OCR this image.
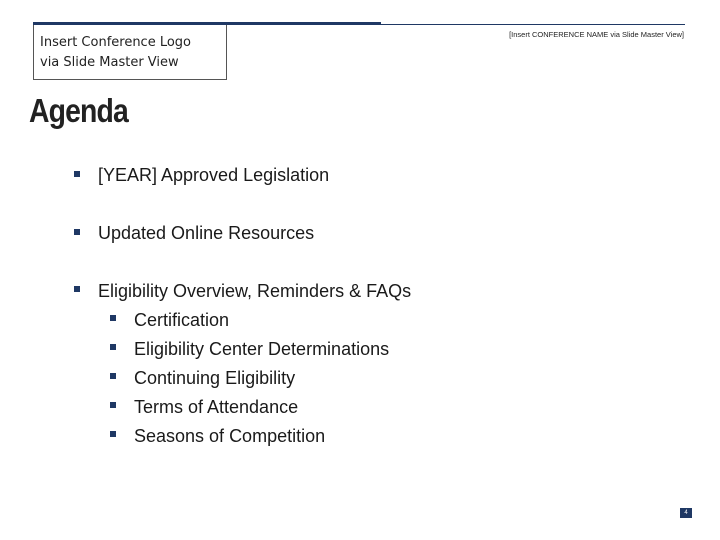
Insert Conference Logo
via Slide Master View
[Insert CONFERENCE NAME via Slide Master View]
Agenda
[YEAR] Approved Legislation
Updated Online Resources
Eligibility Overview, Reminders & FAQs
Certification
Eligibility Center Determinations
Continuing Eligibility
Terms of Attendance
Seasons of Competition
4
